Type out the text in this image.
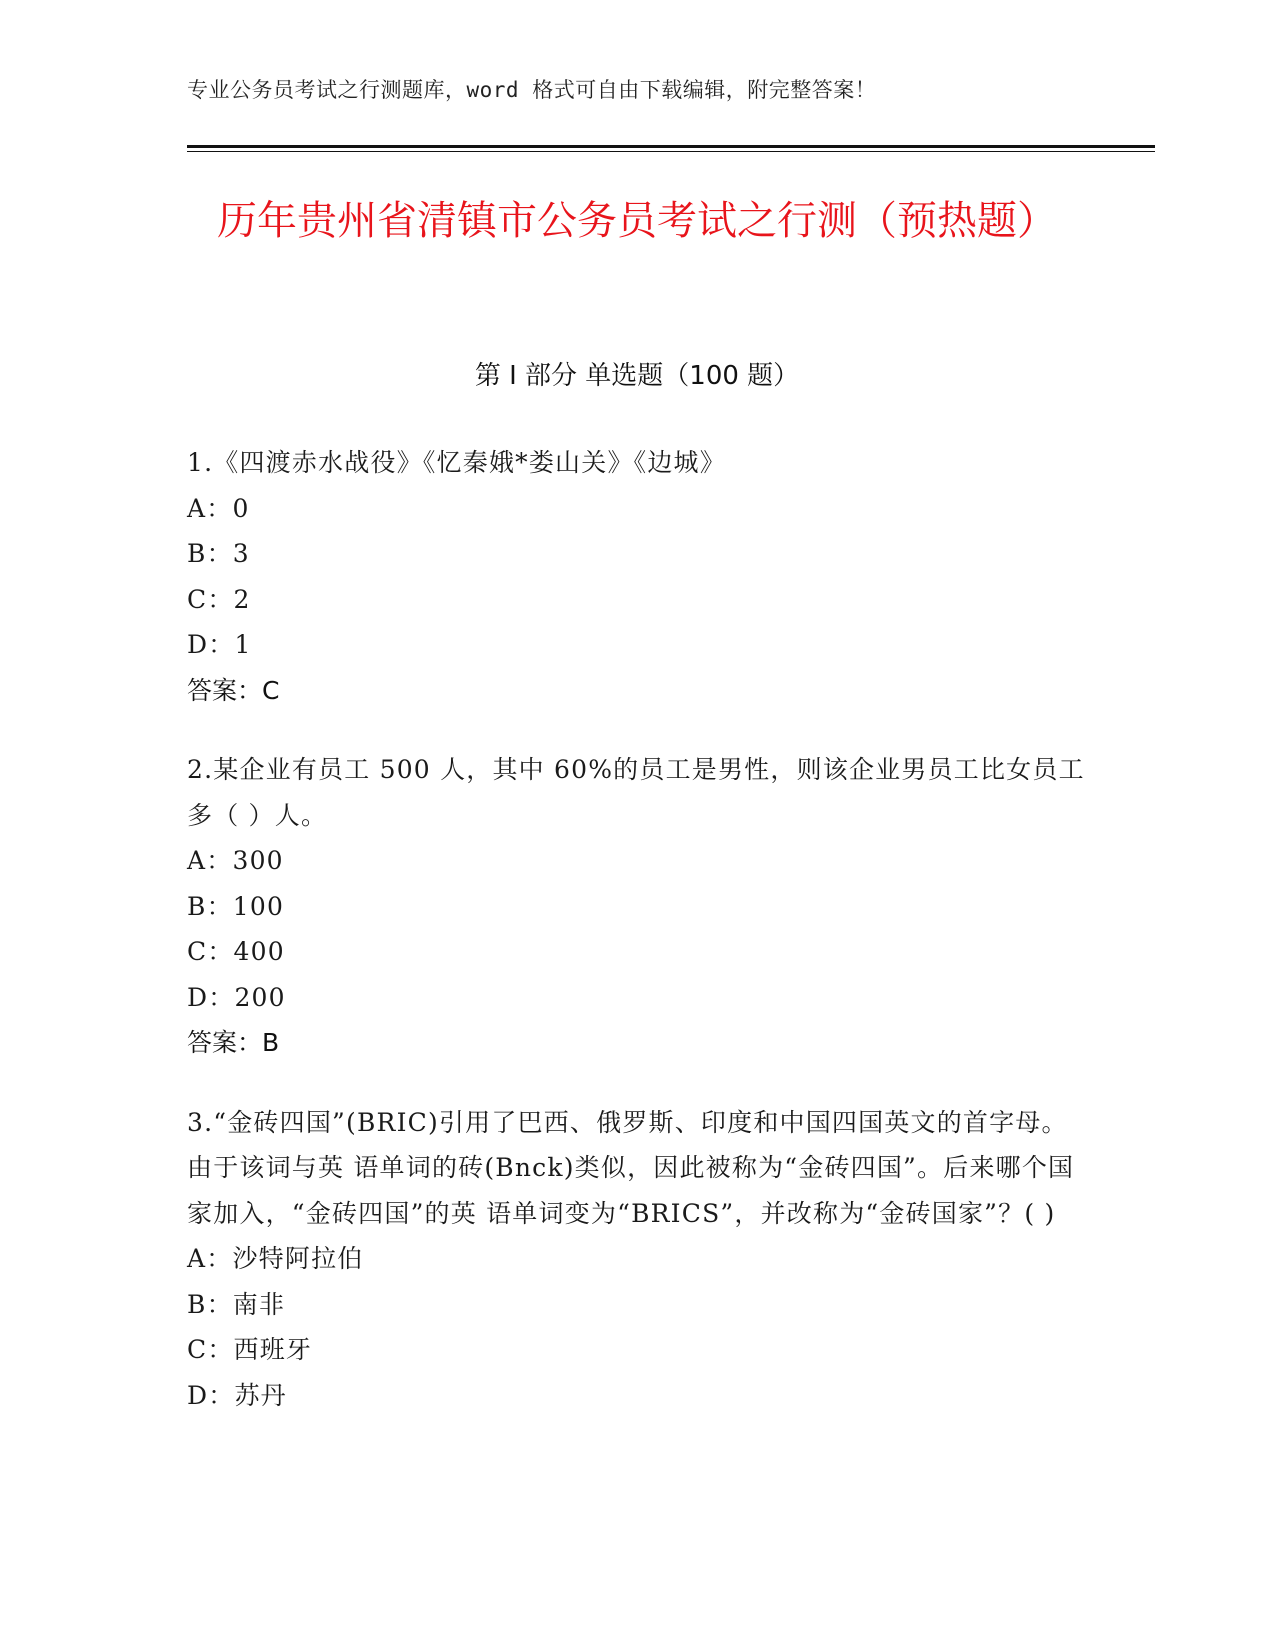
专业公务员考试之行测题库，word 格式可自由下载编辑，附完整答案！
历年贵州省清镇市公务员考试之行测（预热题）
第 I 部分 单选题（100 题）
1.《四渡赤水战役》《忆秦娥*娄山关》《边城》
A：0
B：3
C：2
D：1
答案：C
2.某企业有员工 500 人，其中 60%的员工是男性，则该企业男员工比女员工多（ ）人。
A：300
B：100
C：400
D：200
答案：B
3.“金砖四国”(BRIC)引用了巴西、俄罗斯、印度和中国四国英文的首字母。由于该词与英 语单词的砖(Bnck)类似，因此被称为“金砖四国”。后来哪个国家加入，“金砖四国”的英 语单词变为“BRICS”，并改称为“金砖国家”？( )
A：沙特阿拉伯
B：南非
C：西班牙
D：苏丹
